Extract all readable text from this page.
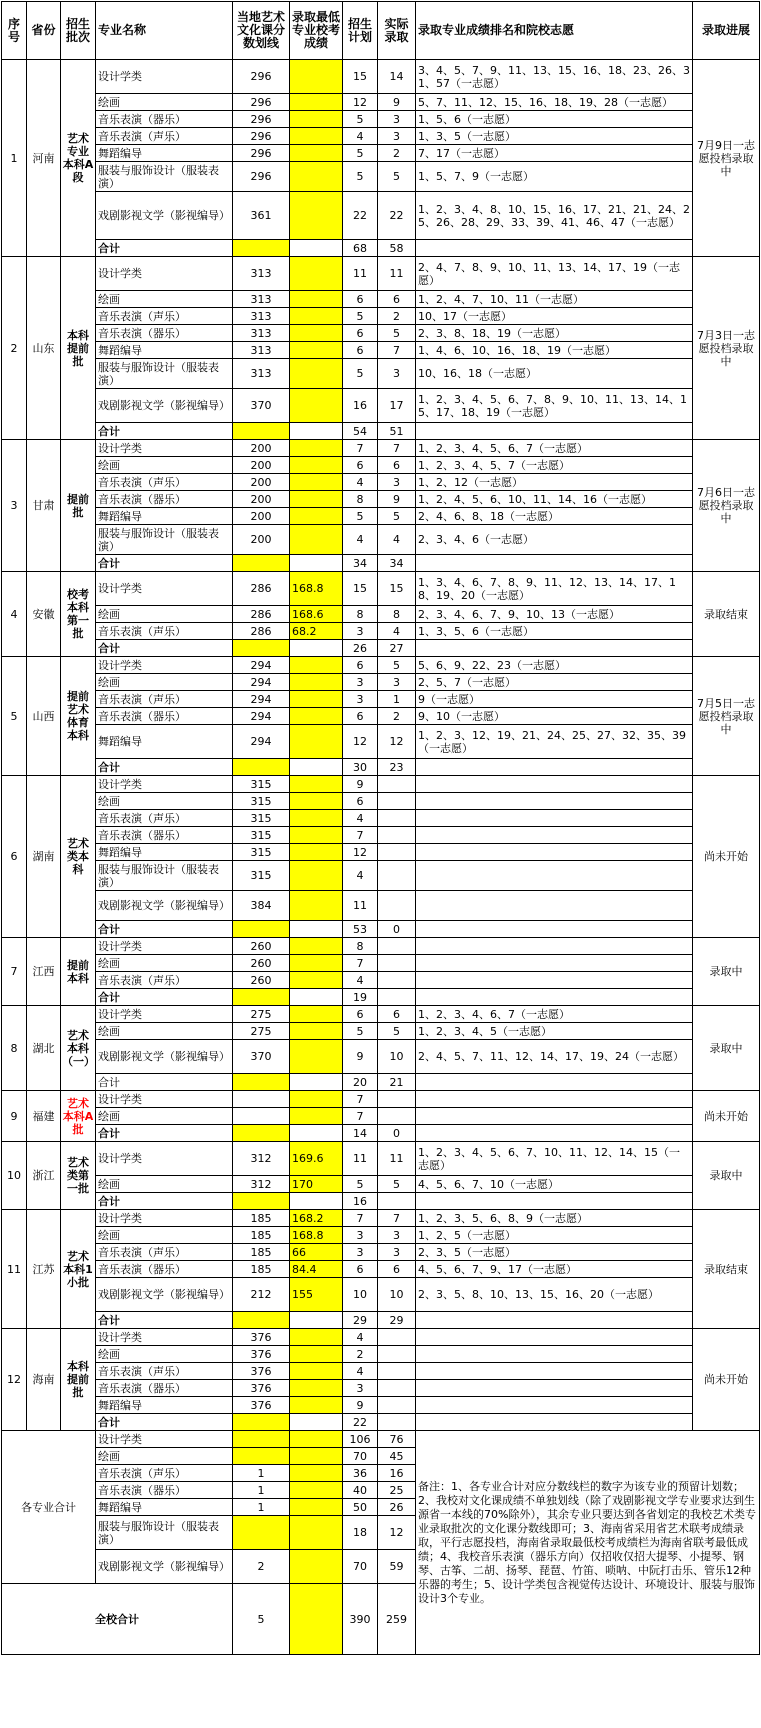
序号	省份	招生批次	专业名称	当地艺术文化课分数划线	录取最低专业校考成绩	招生计划	实际录取	录取专业成绩排名和院校志愿	录取进展
1	河南	艺术专业本科A段	设计学类	296		15	14	3、4、5、7、9、11、13、15、16、18、23、26、31、57（一志愿）	7月9日一志愿投档录取中
			绘画	296		12	9	5、7、11、12、15、16、18、19、28（一志愿）	
			音乐表演（器乐）	296		5	3	1、5、6（一志愿）	
			音乐表演（声乐）	296		4	3	1、3、5（一志愿）	
			舞蹈编导	296		5	2	7、17（一志愿）	
			服装与服饰设计（服装表演）	296		5	5	1、5、7、9（一志愿）	
			戏剧影视文学（影视编导）	361		22	22	1、2、3、4、8、10、15、16、17、21、21、24、25、26、28、29、33、39、41、46、47（一志愿）	
			合计			68	58		
2	山东	本科提前批	设计学类	313		11	11	2、4、7、8、9、10、11、13、14、17、19（一志愿）	7月3日一志愿投档录取中
			绘画	313		6	6	1、2、4、7、10、11（一志愿）	
			音乐表演（声乐）	313		5	2	10、17（一志愿）	
			音乐表演（器乐）	313		6	5	2、3、8、18、19（一志愿）	
			舞蹈编导	313		6	7	1、4、6、10、16、18、19（一志愿）	
			服装与服饰设计（服装表演）	313		5	3	10、16、18（一志愿）	
			戏剧影视文学（影视编导）	370		16	17	1、2、3、4、5、6、7、8、9、10、11、13、14、15、17、18、19（一志愿）	
			合计			54	51		
3	甘肃	提前批	设计学类	200		7	7	1、2、3、4、5、6、7（一志愿）	7月6日一志愿投档录取中
			绘画	200		6	6	1、2、3、4、5、7（一志愿）	
			音乐表演（声乐）	200		4	3	1、2、12（一志愿）	
			音乐表演（器乐）	200		8	9	1、2、4、5、6、10、11、14、16（一志愿）	
			舞蹈编导	200		5	5	2、4、6、8、18（一志愿）	
			服装与服饰设计（服装表演）	200		4	4	2、3、4、6（一志愿）	
			合计			34	34		
4	安徽	校考本科第一批	设计学类	286	168.8	15	15	1、3、4、6、7、8、9、11、12、13、14、17、18、19、20（一志愿）	录取结束
			绘画	286	168.6	8	8	2、3、4、6、7、9、10、13（一志愿）	
			音乐表演（声乐）	286	68.2	3	4	1、3、5、6（一志愿）	
			合计			26	27		
5	山西	提前艺术体育本科	设计学类	294		6	5	5、6、9、22、23（一志愿）	7月5日一志愿投档录取中
			绘画	294		3	3	2、5、7（一志愿）	
			音乐表演（声乐）	294		3	1	9（一志愿）	
			音乐表演（器乐）	294		6	2	9、10（一志愿）	
			舞蹈编导	294		12	12	1、2、3、12、19、21、24、25、27、32、35、39（一志愿）	
			合计			30	23		
6	湖南	艺术类本科	设计学类	315		9			尚未开始
			绘画	315		6			
			音乐表演（声乐）	315		4			
			音乐表演（器乐）	315		7			
			舞蹈编导	315		12			
			服装与服饰设计（服装表演）	315		4			
			戏剧影视文学（影视编导）	384		11			
			合计			53	0		
7	江西	提前本科	设计学类	260		8			录取中
			绘画	260		7			
			音乐表演（声乐）	260		4			
			合计			19			
8	湖北	艺术本科（一）	设计学类	275		6	6	1、2、3、4、6、7（一志愿）	录取中
			绘画	275		5	5	1、2、3、4、5（一志愿）	
			戏剧影视文学（影视编导）	370		9	10	2、4、5、7、11、12、14、17、19、24（一志愿）	
			合计			20	21		
9	福建	艺术本科A批	设计学类			7			尚未开始
			绘画			7			
			合计			14	0		
10	浙江	艺术类第一批	设计学类	312	169.6	11	11	1、2、3、4、5、6、7、10、11、12、14、15（一志愿）	录取中
			绘画	312	170	5	5	4、5、6、7、10（一志愿）	
			合计			16			
11	江苏	艺术本科1小批	设计学类	185	168.2	7	7	1、2、3、5、6、8、9（一志愿）	录取结束
			绘画	185	168.8	3	3	1、2、5（一志愿）	
			音乐表演（声乐）	185	66	3	3	2、3、5（一志愿）	
			音乐表演（器乐）	185	84.4	6	6	4、5、6、7、9、17（一志愿）	
			戏剧影视文学（影视编导）	212	155	10	10	2、3、5、8、10、13、15、16、20（一志愿）	
			合计			29	29		
12	海南	本科提前批	设计学类	376		4			尚未开始
			绘画	376		2			
			音乐表演（声乐）	376		4			
			音乐表演（器乐）	376		3			
			舞蹈编导	376		9			
			合计			22			
各专业合计			设计学类			106	76	备注：1、各专业合计对应分数线栏的数字为该专业的预留计划数；2、我校对文化课成绩不单独划线（除了戏剧影视文学专业要求达到生源省一本线的70%除外），其余专业只要达到各省划定的我校艺术类专业录取批次的文化课分数线即可；3、海南省采用省艺术联考成绩录取，平行志愿投档，海南省录取最低校考成绩栏为海南省联考最低成绩；4、我校音乐表演（器乐方向）仅招收仅招大提琴、小提琴、钢琴、古筝、二胡、扬琴、琵琶、竹笛、唢呐、中阮打击乐、管乐12种乐器的考生；5、设计学类包含视觉传达设计、环境设计、服装与服饰设计3个专业。	
			绘画			70	45		
			音乐表演（声乐）	1		36	16		
			音乐表演（器乐）	1		40	25		
			舞蹈编导	1		50	26		
			服装与服饰设计（服装表演）			18	12		
			戏剧影视文学（影视编导）	2		70	59		
全校合计				5		390	259		
